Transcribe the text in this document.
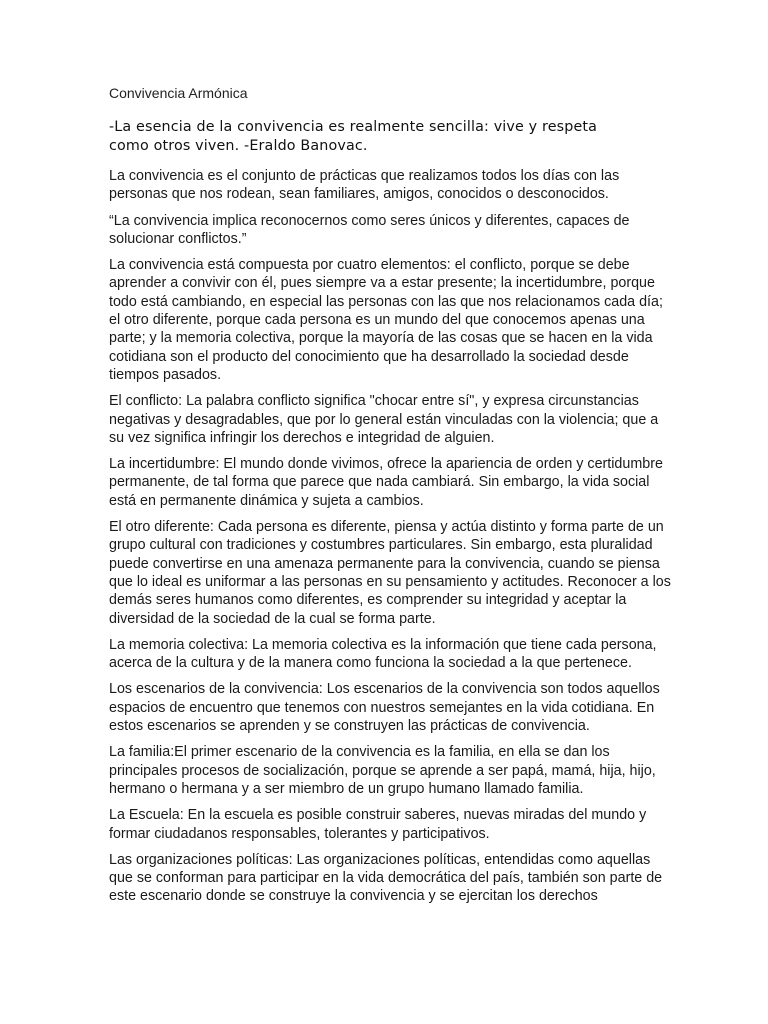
Convivencia Armónica
-La esencia de la convivencia es realmente sencilla: vive y respeta
como otros viven. -Eraldo Banovac.
La convivencia es el conjunto de prácticas que realizamos todos los días con las
personas que nos rodean, sean familiares, amigos, conocidos o desconocidos.
“La convivencia implica reconocernos como seres únicos y diferentes, capaces de
solucionar conflictos.”
La convivencia está compuesta por cuatro elementos: el conflicto, porque se debe
aprender a convivir con él, pues siempre va a estar presente; la incertidumbre, porque
todo está cambiando, en especial las personas con las que nos relacionamos cada día;
el otro diferente, porque cada persona es un mundo del que conocemos apenas una
parte; y la memoria colectiva, porque la mayoría de las cosas que se hacen en la vida
cotidiana son el producto del conocimiento que ha desarrollado la sociedad desde
tiempos pasados.
El conflicto: La palabra conflicto significa "chocar entre sí", y expresa circunstancias
negativas y desagradables, que por lo general están vinculadas con la violencia; que a
su vez significa infringir los derechos e integridad de alguien.
La incertidumbre: El mundo donde vivimos, ofrece la apariencia de orden y certidumbre
permanente, de tal forma que parece que nada cambiará. Sin embargo, la vida social
está en permanente dinámica y sujeta a cambios.
El otro diferente: Cada persona es diferente, piensa y actúa distinto y forma parte de un
grupo cultural con tradiciones y costumbres particulares. Sin embargo, esta pluralidad
puede convertirse en una amenaza permanente para la convivencia, cuando se piensa
que lo ideal es uniformar a las personas en su pensamiento y actitudes. Reconocer a los
demás seres humanos como diferentes, es comprender su integridad y aceptar la
diversidad de la sociedad de la cual se forma parte.
La memoria colectiva: La memoria colectiva es la información que tiene cada persona,
acerca de la cultura y de la manera como funciona la sociedad a la que pertenece.
Los escenarios de la convivencia: Los escenarios de la convivencia son todos aquellos
espacios de encuentro que tenemos con nuestros semejantes en la vida cotidiana. En
estos escenarios se aprenden y se construyen las prácticas de convivencia.
La familia:El primer escenario de la convivencia es la familia, en ella se dan los
principales procesos de socialización, porque se aprende a ser papá, mamá, hija, hijo,
hermano o hermana y a ser miembro de un grupo humano llamado familia.
La Escuela: En la escuela es posible construir saberes, nuevas miradas del mundo y
formar ciudadanos responsables, tolerantes y participativos.
Las organizaciones políticas: Las organizaciones políticas, entendidas como aquellas
que se conforman para participar en la vida democrática del país, también son parte de
este escenario donde se construye la convivencia y se ejercitan los derechos
